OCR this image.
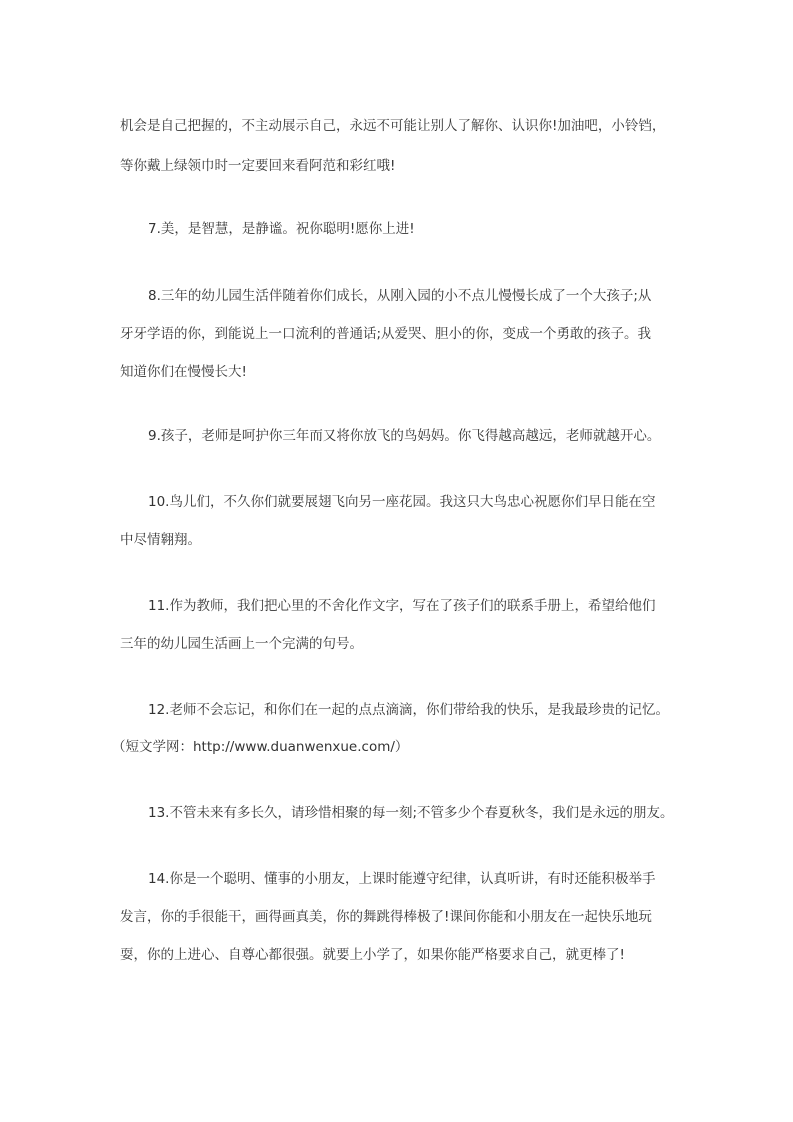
机会是自己把握的，不主动展示自己，永远不可能让别人了解你、认识你!加油吧，小铃铛，
等你戴上绿领巾时一定要回来看阿范和彩红哦!
7.美，是智慧，是静谧。祝你聪明!愿你上进!
8.三年的幼儿园生活伴随着你们成长，从刚入园的小不点儿慢慢长成了一个大孩子;从
牙牙学语的你，到能说上一口流利的普通话;从爱哭、胆小的你，变成一个勇敢的孩子。我
知道你们在慢慢长大!
9.孩子，老师是呵护你三年而又将你放飞的鸟妈妈。你飞得越高越远，老师就越开心。
10.鸟儿们，不久你们就要展翅飞向另一座花园。我这只大鸟忠心祝愿你们早日能在空
中尽情翱翔。
11.作为教师，我们把心里的不舍化作文字，写在了孩子们的联系手册上，希望给他们
三年的幼儿园生活画上一个完满的句号。
12.老师不会忘记，和你们在一起的点点滴滴，你们带给我的快乐，是我最珍贵的记忆。
（短文学网：http://www.duanwenxue.com/）
13.不管未来有多长久，请珍惜相聚的每一刻;不管多少个春夏秋冬，我们是永远的朋友。
14.你是一个聪明、懂事的小朋友，上课时能遵守纪律，认真听讲，有时还能积极举手
发言，你的手很能干，画得画真美，你的舞跳得棒极了!课间你能和小朋友在一起快乐地玩
耍，你的上进心、自尊心都很强。就要上小学了，如果你能严格要求自己，就更棒了!
